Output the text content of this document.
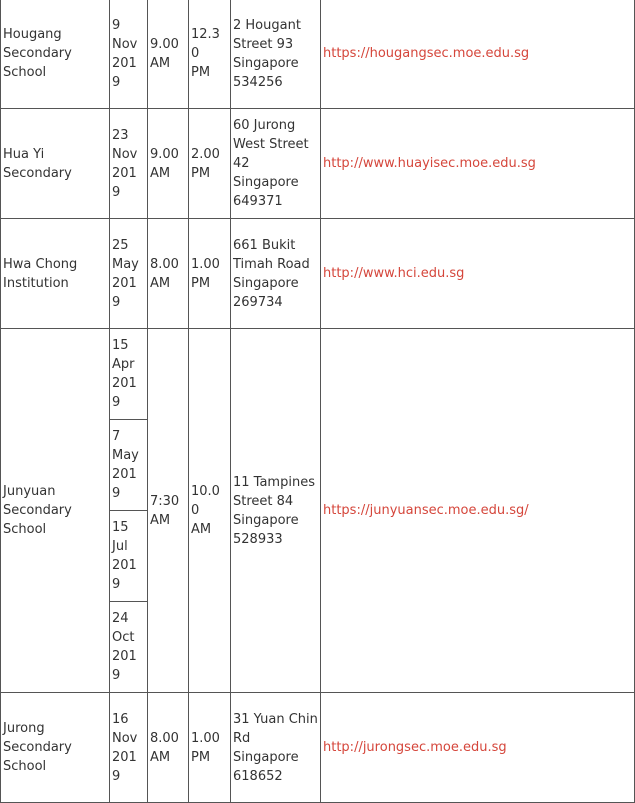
Hougang
Secondary
School	9
Nov
2019	9.00
AM	12.30
PM	2 Hougant
Street 93
Singapore
534256	https://hougangsec.moe.edu.sg

Hua Yi
Secondary	23
Nov
2019	9.00
AM	2.00
PM	60 Jurong
West Street
42 Singapore
649371	http://www.huayisec.moe.edu.sg

Hwa Chong
Institution	25
May
2019	8.00
AM	1.00
PM	661 Bukit
Timah Road
Singapore
269734	http://www.hci.edu.sg

Junyuan
Secondary
School	15
Apr
2019	7:30
AM	10.00
AM	11 Tampines
Street 84
Singapore
528933	https://junyuansec.moe.edu.sg/

	7
May
2019				

	15
Jul
2019				

	24
Oct
2019				

Jurong
Secondary
School	16
Nov
2019	8.00
AM	1.00
PM	31 Yuan Chin
Rd
Singapore
618652	http://jurongsec.moe.edu.sg
